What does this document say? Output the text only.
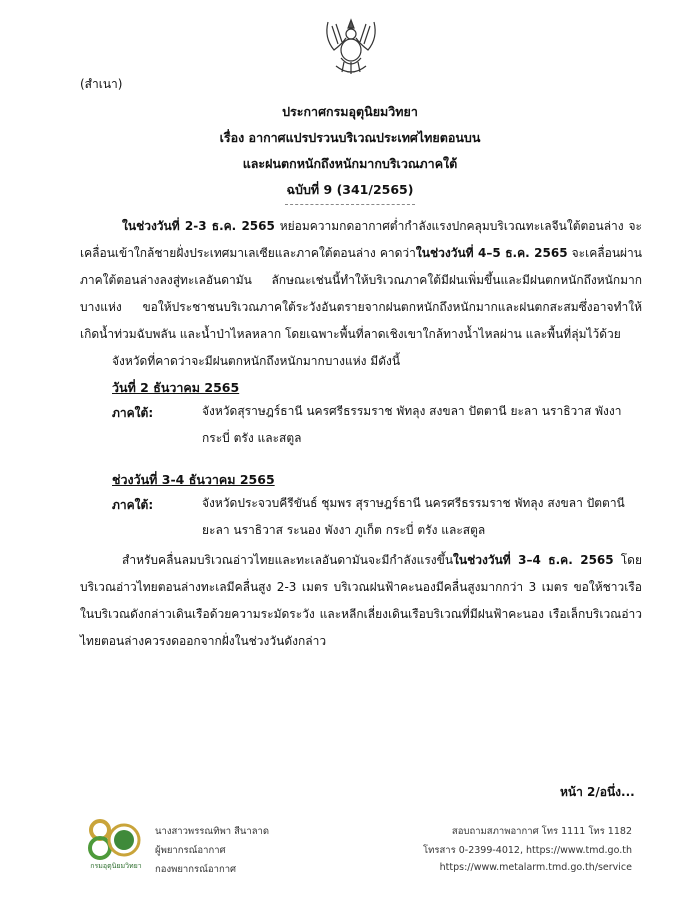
(สำเนา)
ประกาศกรมอุตุนิยมวิทยา
เรื่อง อากาศแปรปรวนบริเวณประเทศไทยตอนบน
และฝนตกหนักถึงหนักมากบริเวณภาคใต้
ฉบับที่ 9 (341/2565)
ในช่วงวันที่ 2-3 ธ.ค. 2565 หย่อมความกดอากาศต่ำกำลังแรงปกคลุมบริเวณทะเลจีนใต้ตอนล่าง จะเคลื่อนเข้าใกล้ชายฝั่งประเทศมาเลเซียและภาคใต้ตอนล่าง คาดว่าในช่วงวันที่ 4–5 ธ.ค. 2565 จะเคลื่อนผ่านภาคใต้ตอนล่างลงสู่ทะเลอันดามัน ลักษณะเช่นนี้ทำให้บริเวณภาคใต้มีฝนเพิ่มขึ้นและมีฝนตกหนักถึงหนักมากบางแห่ง ขอให้ประชาชนบริเวณภาคใต้ระวังอันตรายจากฝนตกหนักถึงหนักมากและฝนตกสะสมซึ่งอาจทำให้เกิดน้ำท่วมฉับพลัน และน้ำป่าไหลหลาก โดยเฉพาะพื้นที่ลาดเชิงเขาใกล้ทางน้ำไหลผ่าน และพื้นที่ลุ่มไว้ด้วย
จังหวัดที่คาดว่าจะมีฝนตกหนักถึงหนักมากบางแห่ง มีดังนี้
วันที่ 2 ธันวาคม 2565
ภาคใต้:	จังหวัดสุราษฎร์ธานี นครศรีธรรมราช พัทลุง สงขลา ปัตตานี ยะลา นราธิวาส พังงา กระบี่ ตรัง และสตูล
ช่วงวันที่ 3-4 ธันวาคม 2565
ภาคใต้:	จังหวัดประจวบคีรีขันธ์ ชุมพร สุราษฎร์ธานี นครศรีธรรมราช พัทลุง สงขลา ปัตตานี ยะลา นราธิวาส ระนอง พังงา ภูเก็ต กระบี่ ตรัง และสตูล
สำหรับคลื่นลมบริเวณอ่าวไทยและทะเลอันดามันจะมีกำลังแรงขึ้นในช่วงวันที่ 3–4 ธ.ค. 2565 โดยบริเวณอ่าวไทยตอนล่างทะเลมีคลื่นสูง 2-3 เมตร บริเวณฝนฟ้าคะนองมีคลื่นสูงมากกว่า 3 เมตร ขอให้ชาวเรือในบริเวณดังกล่าวเดินเรือด้วยความระมัดระวัง และหลีกเลี่ยงเดินเรือบริเวณที่มีฝนฟ้าคะนอง เรือเล็กบริเวณอ่าวไทยตอนล่างควรงดออกจากฝั่งในช่วงวันดังกล่าว
หน้า 2/อนึ่ง...
กรมอุตุนิยมวิทยา
นางสาวพรรณทิพา สีนาลาด
ผู้พยากรณ์อากาศ
กองพยากรณ์อากาศ
สอบถามสภาพอากาศ โทร 1111 โทร 1182
โทรสาร 0-2399-4012, https://www.tmd.go.th
https://www.metalarm.tmd.go.th/service
